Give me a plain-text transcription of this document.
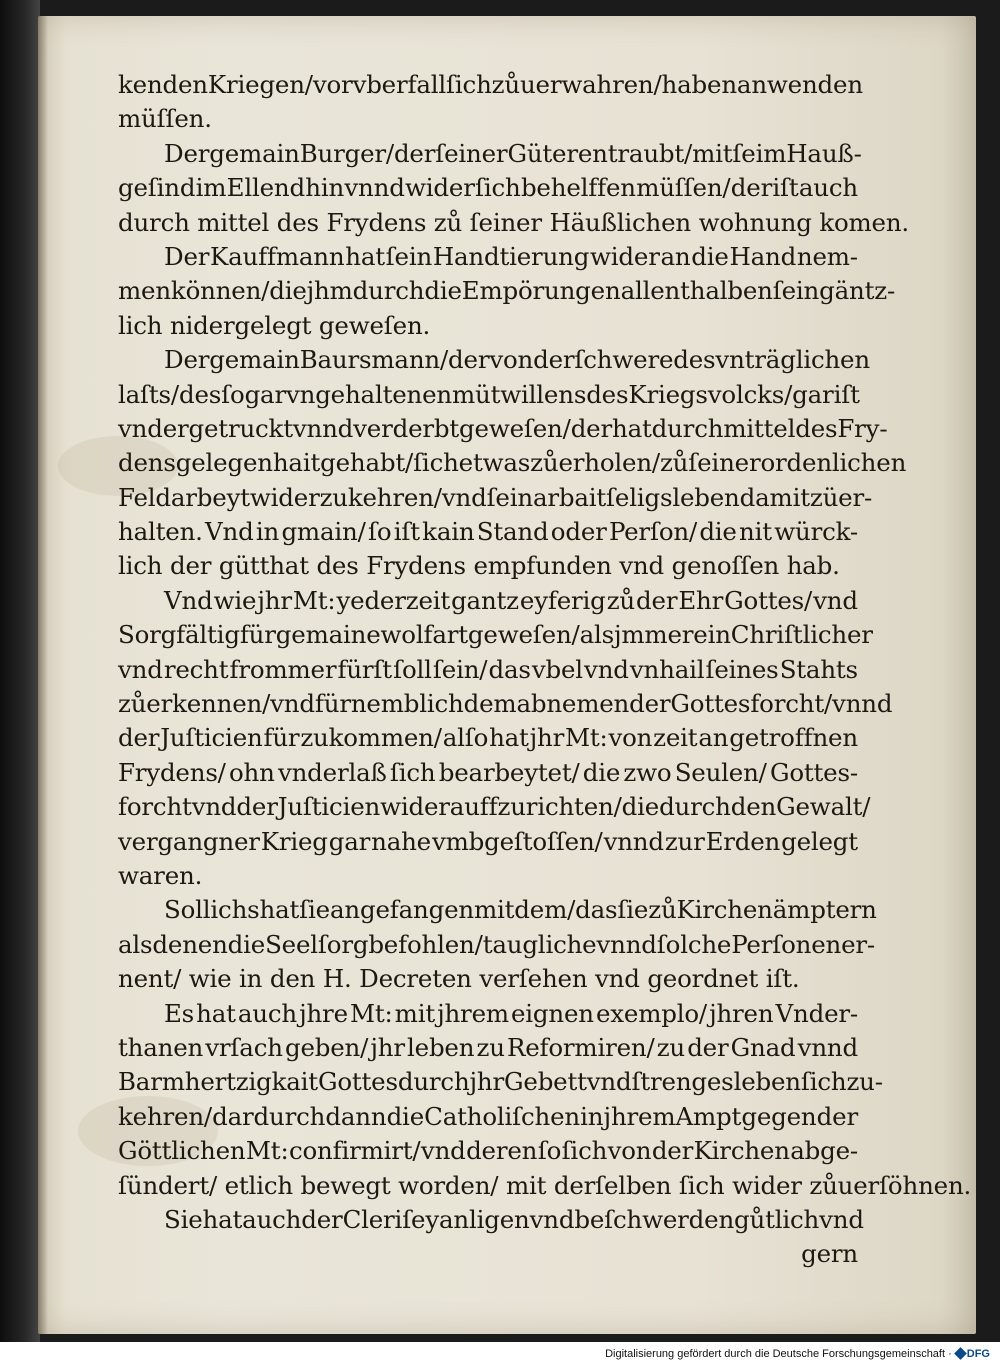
kenden Kriegen/ vor vberfall ſich zůuerwahren/ haben anwenden
müſſen.
Der gemain Burger/ der ſeiner Güter entraubt/ mit ſeim Hauß-
geſind im Ellend hin vnnd wider ſich behelffen müſſen/ der iſt auch
durch mittel des Frydens zů ſeiner Häußlichen wohnung komen.
Der Kauffmann hat ſein Handtierung wider an die Hand nem-
men können/ die jhm durch die Empörungen allenthalben ſein gäntz-
lich nidergelegt geweſen.
Der gemain Baursmann/ der von der ſchwere des vnträglichen
laſts/ des ſo gar vngehaltenen mütwillens des Kriegsvolcks/ gar iſt
vndergetruckt vnnd verderbt geweſen/ der hat durch mittel des Fry-
dens gelegenhait gehabt/ ſich etwas zůerholen/ zů ſeiner ordenlichen
Feldarbeyt wider zukehren/ vnd ſein arbaitſeligs leben damit züer-
halten. Vnd in gmain/ ſo iſt kain Stand oder Perſon/ die nit würck-
lich der gütthat des Frydens empfunden vnd genoſſen hab.
Vnd wie jhr Mt: yederzeit gantz eyferig zů der Ehr Gottes/ vnd
Sorgfältig für gemaine wolfart geweſen/ als jmmer ein Chriſtlicher
vnd recht frommer fürſt ſoll ſein/ das vbel vnd vnhail ſeines Stahts
zů erkennen/ vnd fürnemblich dem abnemen der Gottes forcht/ vnnd
der Juſticien für zukommen/ alſo hat jhr Mt: von zeit an getroffnen
Frydens/ ohn vnderlaß ſich bearbeytet/ die zwo Seulen/ Gottes-
forcht vnd der Juſticien wider auffzurichten/ die durch den Gewalt/
vergangner Krieg gar nahe vmbgeſtoſſen/ vnnd zur Erden gelegt
waren.
Sollichs hat ſie angefangen mit dem/ das ſie zů Kirchen ämptern
als denen die Seelſorg befohlen/ taugliche vnnd ſolche Perſonen er-
nent/ wie in den H. Decreten verſehen vnd geordnet iſt.
Es hat auch jhre Mt: mit jhrem eignen exemplo/ jhren Vnder-
thanen vrſach geben/ jhr leben zu Reformiren/ zu der Gnad vnnd
Barmhertzigkait Gottes durch jhr Gebett vnd ſtrenges leben ſich zu-
kehren/ dardurch dann die Catholiſchen in jhrem Ampt gegen der
Göttlichen Mt: confirmirt/ vnd deren ſo ſich von der Kirchen abge-
ſündert/ etlich bewegt worden/ mit derſelben ſich wider zůuerſöhnen.
Sie hat auch der Cleriſey anligen vnd beſchwerden gůtlich vnd
gern
Digitalisierung gefördert durch die Deutsche Forschungsgemeinschaft · DFG
